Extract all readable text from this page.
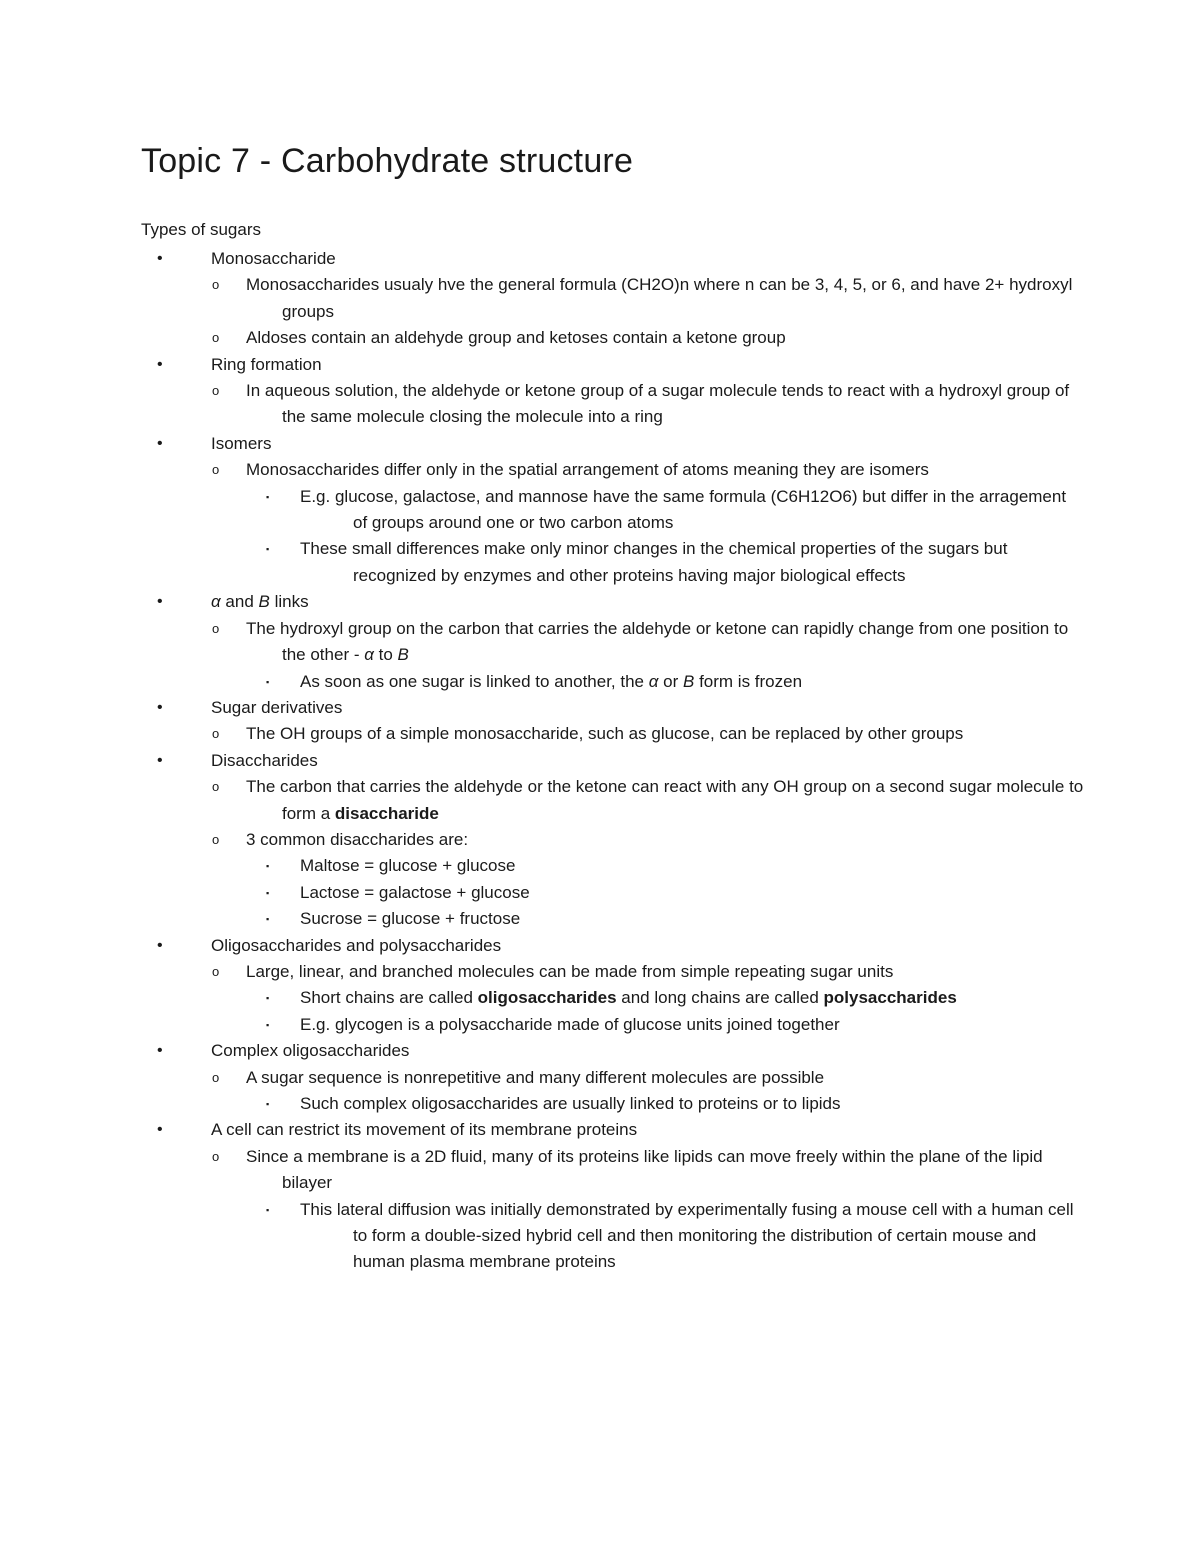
Topic 7 - Carbohydrate structure
Types of sugars
•	Monosaccharide
o Monosaccharides usualy hve the general formula (CH2O)n where n can be 3, 4, 5, or 6, and have 2+ hydroxyl groups
o Aldoses contain an aldehyde group and ketoses contain a ketone group
•	Ring formation
o In aqueous solution, the aldehyde or ketone group of a sugar molecule tends to react with a hydroxyl group of the same molecule closing the molecule into a ring
•	Isomers
o Monosaccharides differ only in the spatial arrangement of atoms meaning they are isomers
▪ E.g. glucose, galactose, and mannose have the same formula (C6H12O6) but differ in the arragement of groups around one or two carbon atoms
▪ These small differences make only minor changes in the chemical properties of the sugars but recognized by enzymes and other proteins having major biological effects
•	α and B links
o The hydroxyl group on the carbon that carries the aldehyde or ketone can rapidly change from one position to the other - α to B
▪ As soon as one sugar is linked to another, the α or B form is frozen
•	Sugar derivatives
o The OH groups of a simple monosaccharide, such as glucose, can be replaced by other groups
•	Disaccharides
o The carbon that carries the aldehyde or the ketone can react with any OH group on a second sugar molecule to form a disaccharide
o 3 common disaccharides are:
▪ Maltose = glucose + glucose
▪ Lactose = galactose + glucose
▪ Sucrose = glucose + fructose
•	Oligosaccharides and polysaccharides
o Large, linear, and branched molecules can be made from simple repeating sugar units
▪ Short chains are called oligosaccharides and long chains are called polysaccharides
▪ E.g. glycogen is a polysaccharide made of glucose units joined together
•	Complex oligosaccharides
o A sugar sequence is nonrepetitive and many different molecules are possible
▪ Such complex oligosaccharides are usually linked to proteins or to lipids
•	A cell can restrict its movement of its membrane proteins
o Since a membrane is a 2D fluid, many of its proteins like lipids can move freely within the plane of the lipid bilayer
▪ This lateral diffusion was initially demonstrated by experimentally fusing a mouse cell with a human cell to form a double-sized hybrid cell and then monitoring the distribution of certain mouse and human plasma membrane proteins
